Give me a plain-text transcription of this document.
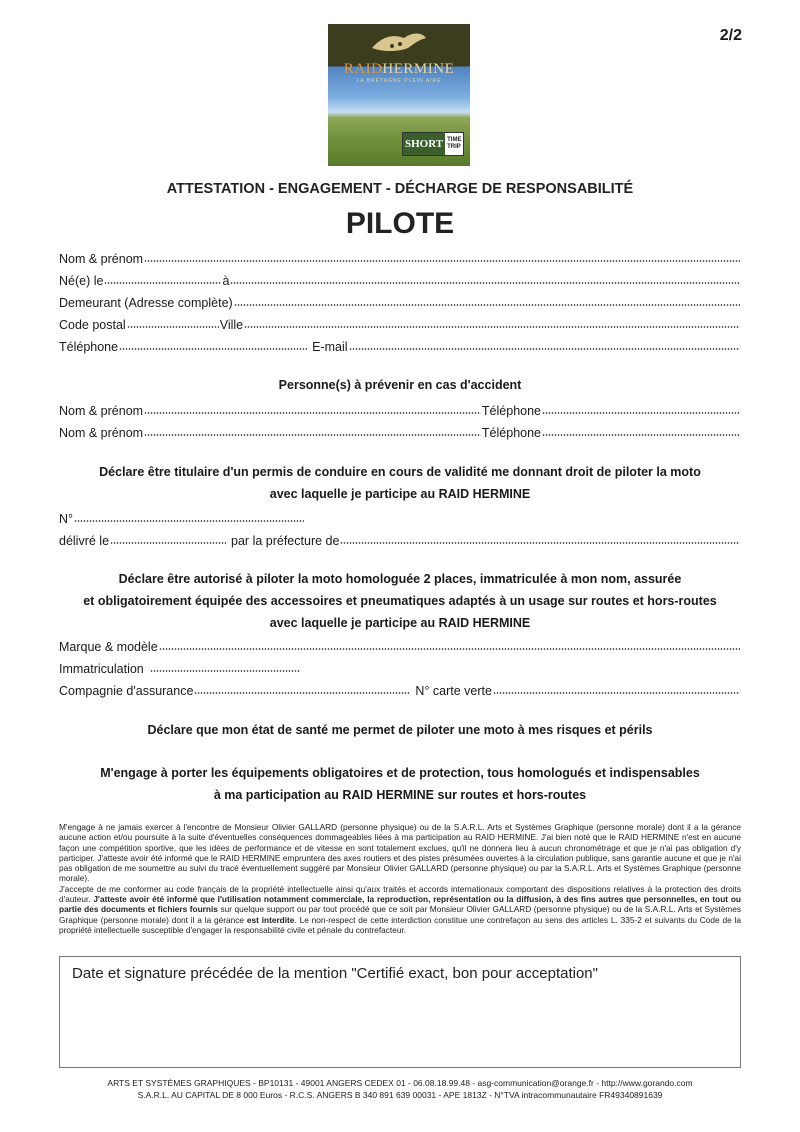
2/2
RAIDHERMINE
LA BRETAGNE PLEIN AIRE
SHORT TIME
TRIP
ATTESTATION - ENGAGEMENT - DÉCHARGE DE RESPONSABILITÉ
PILOTE
Nom & prénom
Né(e) le	à
Demeurant (Adresse complète)
Code postal	Ville
Téléphone	E-mail
Personne(s) à prévenir en cas d'accident
Nom & prénom	Téléphone
Nom & prénom	Téléphone
Déclare être titulaire d'un permis de conduire en cours de validité me donnant droit de piloter la moto
avec laquelle je participe au RAID HERMINE
N°
délivré le	par la préfecture de
Déclare être autorisé à piloter la moto homologuée 2 places, immatriculée à mon nom, assurée
et obligatoirement équipée des accessoires et pneumatiques adaptés à un usage sur routes et hors-routes
avec laquelle je participe au RAID HERMINE
Marque & modèle
Immatriculation
Compagnie d'assurance	N° carte verte
Déclare que mon état de santé me permet de piloter une moto à mes risques et périls
M'engage à porter les équipements obligatoires et de protection, tous homologués et indispensables
à ma participation au RAID HERMINE sur routes et hors-routes

M'engage à ne jamais exercer à l'encontre de Monsieur Olivier GALLARD (personne physique) ou de la S.A.R.L. Arts et Systèmes Graphique (personne morale) dont il a la gérance aucune action et/ou poursuite à la suite d'éventuelles conséquences dommageables liées à ma participation au RAID HERMINE. J'ai bien noté que le RAID HERMINE n'est en aucune façon une compétition sportive, que les idées de performance et de vitesse en sont totalement exclues, qu'il ne donnera lieu à aucun chronométrage et que je n'ai pas obligation d'y participer. J'atteste avoir été informé que le RAID HERMINE empruntera des axes routiers et des pistes présumées ouvertes à la circulation publique, sans garantie aucune et que je n'ai pas obligation de me soumettre au suivi du tracé éventuellement suggéré par Monsieur Olivier GALLARD (personne physique) ou par la S.A.R.L. Arts et Systèmes Graphique (personne morale).

J'accepte de me conformer au code français de la propriété intellectuelle ainsi qu'aux traités et accords internationaux comportant des dispositions relatives à la protection des droits d'auteur. J'atteste avoir été informé que l'utilisation notamment commerciale, la reproduction, représentation ou la diffusion, à des fins autres que personnelles, en tout ou partie des documents et fichiers fournis sur quelque support ou par tout procédé que ce soit par Monsieur Olivier GALLARD (personne physique) ou de la S.A.R.L. Arts et Systèmes Graphique (personne morale) dont il a la gérance est interdite. Le non-respect de cette interdiction constitue une contrefaçon au sens des articles L. 335-2 et suivants du Code de la propriété intellectuelle susceptible d'engager la responsabilité civile et pénale du contrefacteur.

Date et signature précédée de la mention "Certifié exact, bon pour acceptation"
ARTS ET SYSTÈMES GRAPHIQUES - BP10131 - 49001 ANGERS CEDEX 01 - 06.08.18.99.48 - asg-communication@orange.fr - http://www.gorando.com
S.A.R.L. AU CAPITAL DE 8 000 Euros - R.C.S. ANGERS B 340 891 639 00031 - APE 1813Z - N°TVA intracommunautaire FR49340891639
